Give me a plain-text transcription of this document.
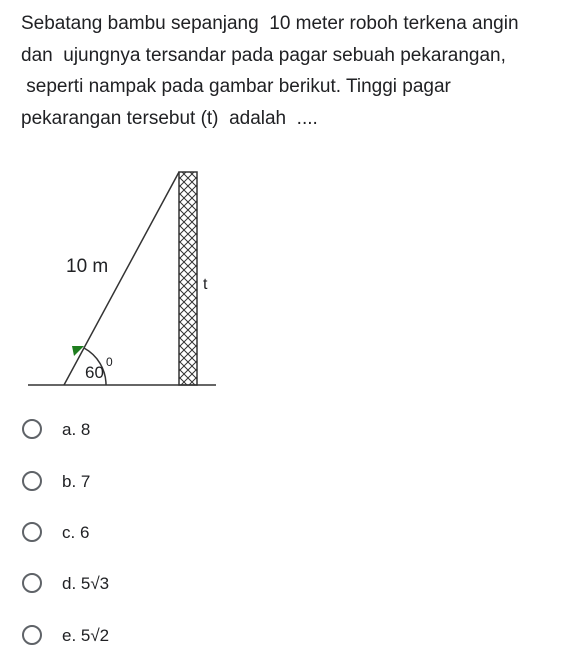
Sebatang bambu sepanjang  10 meter roboh terkena angin
dan  ujungnya tersandar pada pagar sebuah pekarangan,
seperti nampak pada gambar berikut. Tinggi pagar
pekarangan tersebut (t)  adalah  ....

10 m
t
60
0
a. 8
b. 7
c. 6
d. 5√3
e. 5√2
